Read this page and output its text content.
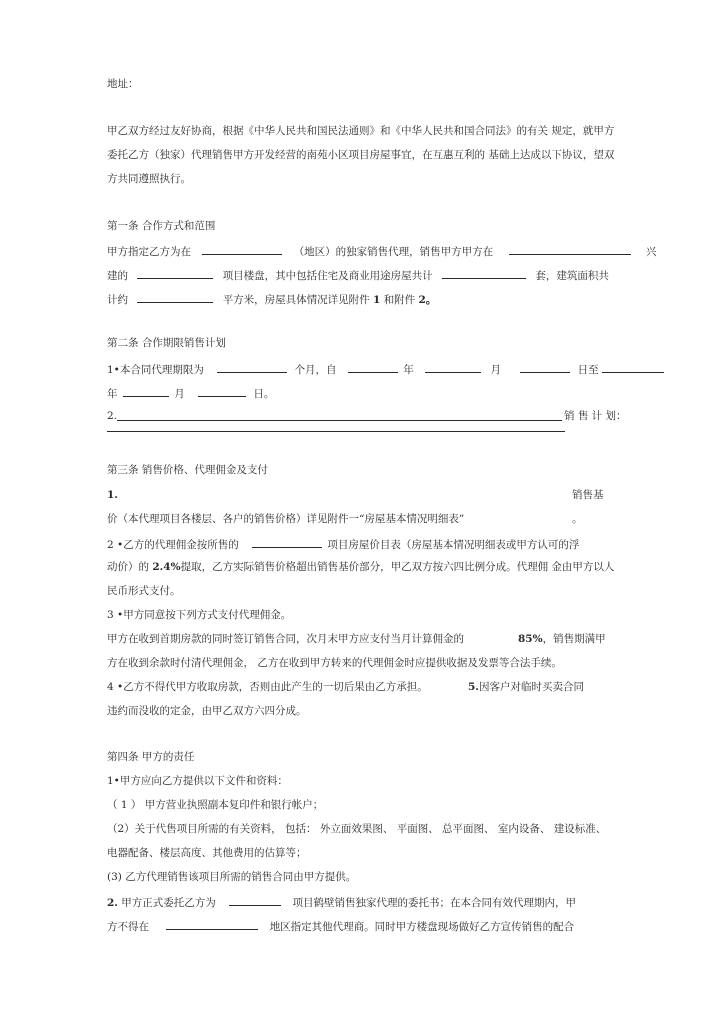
地址：
甲乙双方经过友好协商，根据《中华人民共和国民法通则》和《中华人民共和国合同法》的有关 规定，就甲方
委托乙方（独家）代理销售甲方开发经营的南苑小区项目房屋事宜，在互惠互利的 基础上达成以下协议，望双
方共同遵照执行。
第一条 合作方式和范围
甲方指定乙方为在	（地区）的独家销售代理，销售甲方甲方在	兴
建的	项目楼盘，其中包括住宅及商业用途房屋共计	套，建筑面积共
计约	平方米，房屋具体情况详见附件 1 和附件 2。
第二条 合作期限销售计划
1•本合同代理期限为	个月，自	年	月	日至
年	月	日。
2.	销 售 计 划：
第三条 销售价格、代理佣金及支付
1.	销售基
价（本代理项目各楼层、各户的销售价格）详见附件一“房屋基本情况明细表”	。
2 •乙方的代理佣金按所售的	项目房屋价目表（房屋基本情况明细表或甲方认可的浮
动价）的 2.4%提取，乙方实际销售价格超出销售基价部分，甲乙双方按六四比例分成。代理佣 金由甲方以人
民币形式支付。
3 •甲方同意按下列方式支付代理佣金。
甲方在收到首期房款的同时签订销售合同，次月末甲方应支付当月计算佣金的	85%，销售期满甲
方在收到余款时付清代理佣金， 乙方在收到甲方转来的代理佣金时应提供收据及发票等合法手续。
4 •乙方不得代甲方收取房款，否则由此产生的一切后果由乙方承担。	5.因客户对临时买卖合同
违约而没收的定金，由甲乙双方六四分成。
第四条 甲方的责任
1•甲方应向乙方提供以下文件和资料：
（ 1 ） 甲方营业执照副本复印件和银行帐户；
（2）关于代售项目所需的有关资料， 包括： 外立面效果图、 平面图、 总平面图、 室内设备、 建设标准、
电器配备、楼层高度、其他费用的估算等；
(3) 乙方代理销售该项目所需的销售合同由甲方提供。
2. 甲方正式委托乙方为	项目鹤壁销售独家代理的委托书；在本合同有效代理期内，甲
方不得在	地区指定其他代理商。同时甲方楼盘现场做好乙方宣传销售的配合
